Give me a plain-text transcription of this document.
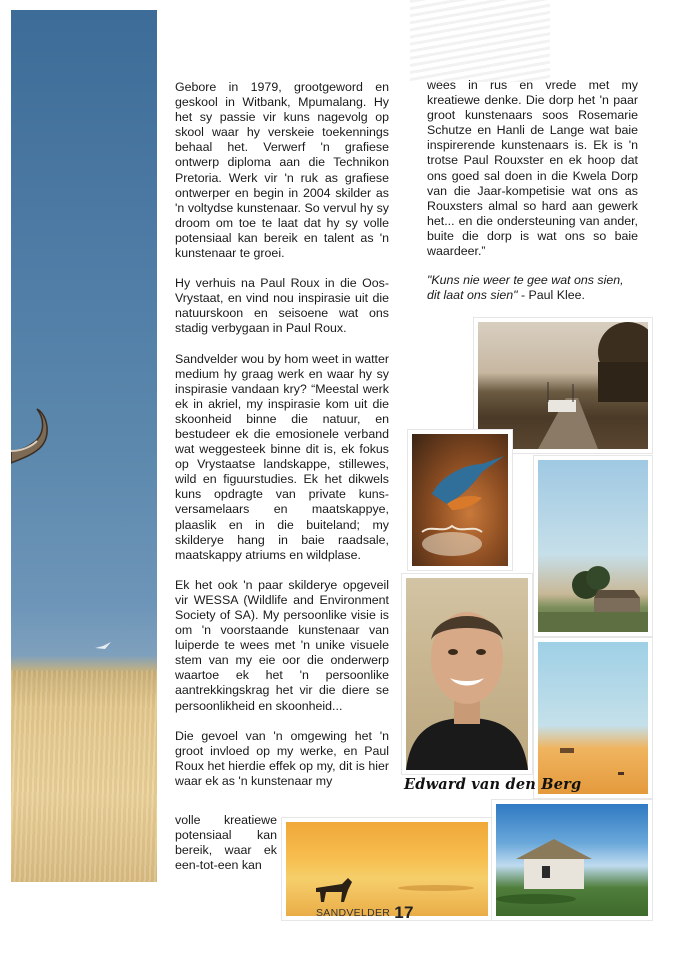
Gebore in 1979, grootgeword en geskool in Witbank, Mpumalang. Hy het sy passie vir kuns nagevolg op skool waar hy verskeie toekennings behaal het. Verwerf 'n grafiese ontwerp diploma aan die Technikon Pretoria. Werk vir 'n ruk as grafiese ontwerper en begin in 2004 skilder as 'n voltydse kunstenaar. So vervul hy sy droom om toe te laat dat hy sy volle potensiaal kan bereik en talent as 'n kunstenaar te groei.

Hy verhuis na Paul Roux in die Oos-Vrystaat, en vind nou inspirasie uit die natuurskoon en seisoene wat ons stadig verbygaan in Paul Roux.

Sandvelder wou by hom weet in watter medium hy graag werk en waar hy sy inspirasie vandaan kry? “Meestal werk ek in akriel, my inspirasie kom uit die skoonheid binne die natuur, en bestudeer ek die emosionele verband wat weggesteek binne dit is, ek fokus op Vrystaatse landskappe, stillewes, wild en figuurstudies. Ek het dikwels kuns opdragte van private kuns-versamelaars en maatskappye, plaaslik en in die buiteland; my skilderye hang in baie raadsale, maatskappy atriums en wildplase.

Ek het ook 'n paar skilderye opgeveil vir WESSA (Wildlife and Environment Society of SA). My persoonlike visie is om 'n voorstaande kunstenaar van luiperde te wees met 'n unike visuele stem van my eie oor die onderwerp waartoe ek het 'n persoonlike aantrekkingskrag het vir die diere se persoonlikheid en skoonheid...

Die gevoel van 'n omgewing het 'n groot invloed op my werke, en Paul Roux het hierdie effek op my, dit is hier waar ek as 'n kunstenaar my

volle kreatiewe potensiaal kan bereik, waar ek een-tot-een kan

wees in rus en vrede met my kreatiewe denke. Die dorp het 'n paar groot kunstenaars soos Rosemarie Schutze en Hanli de Lange wat baie inspirerende kunstenaars is. Ek is 'n trotse Paul Rouxster en ek hoop dat ons goed sal doen in die Kwela Dorp van die Jaar-kompetisie wat ons as Rouxsters almal so hard aan gewerk het... en die ondersteuning van ander, buite die dorp is wat ons so baie waardeer.”

"Kuns nie weer te gee wat ons sien, dit laat ons sien" - Paul Klee.

Edward van den Berg
SANDVELDER 17
